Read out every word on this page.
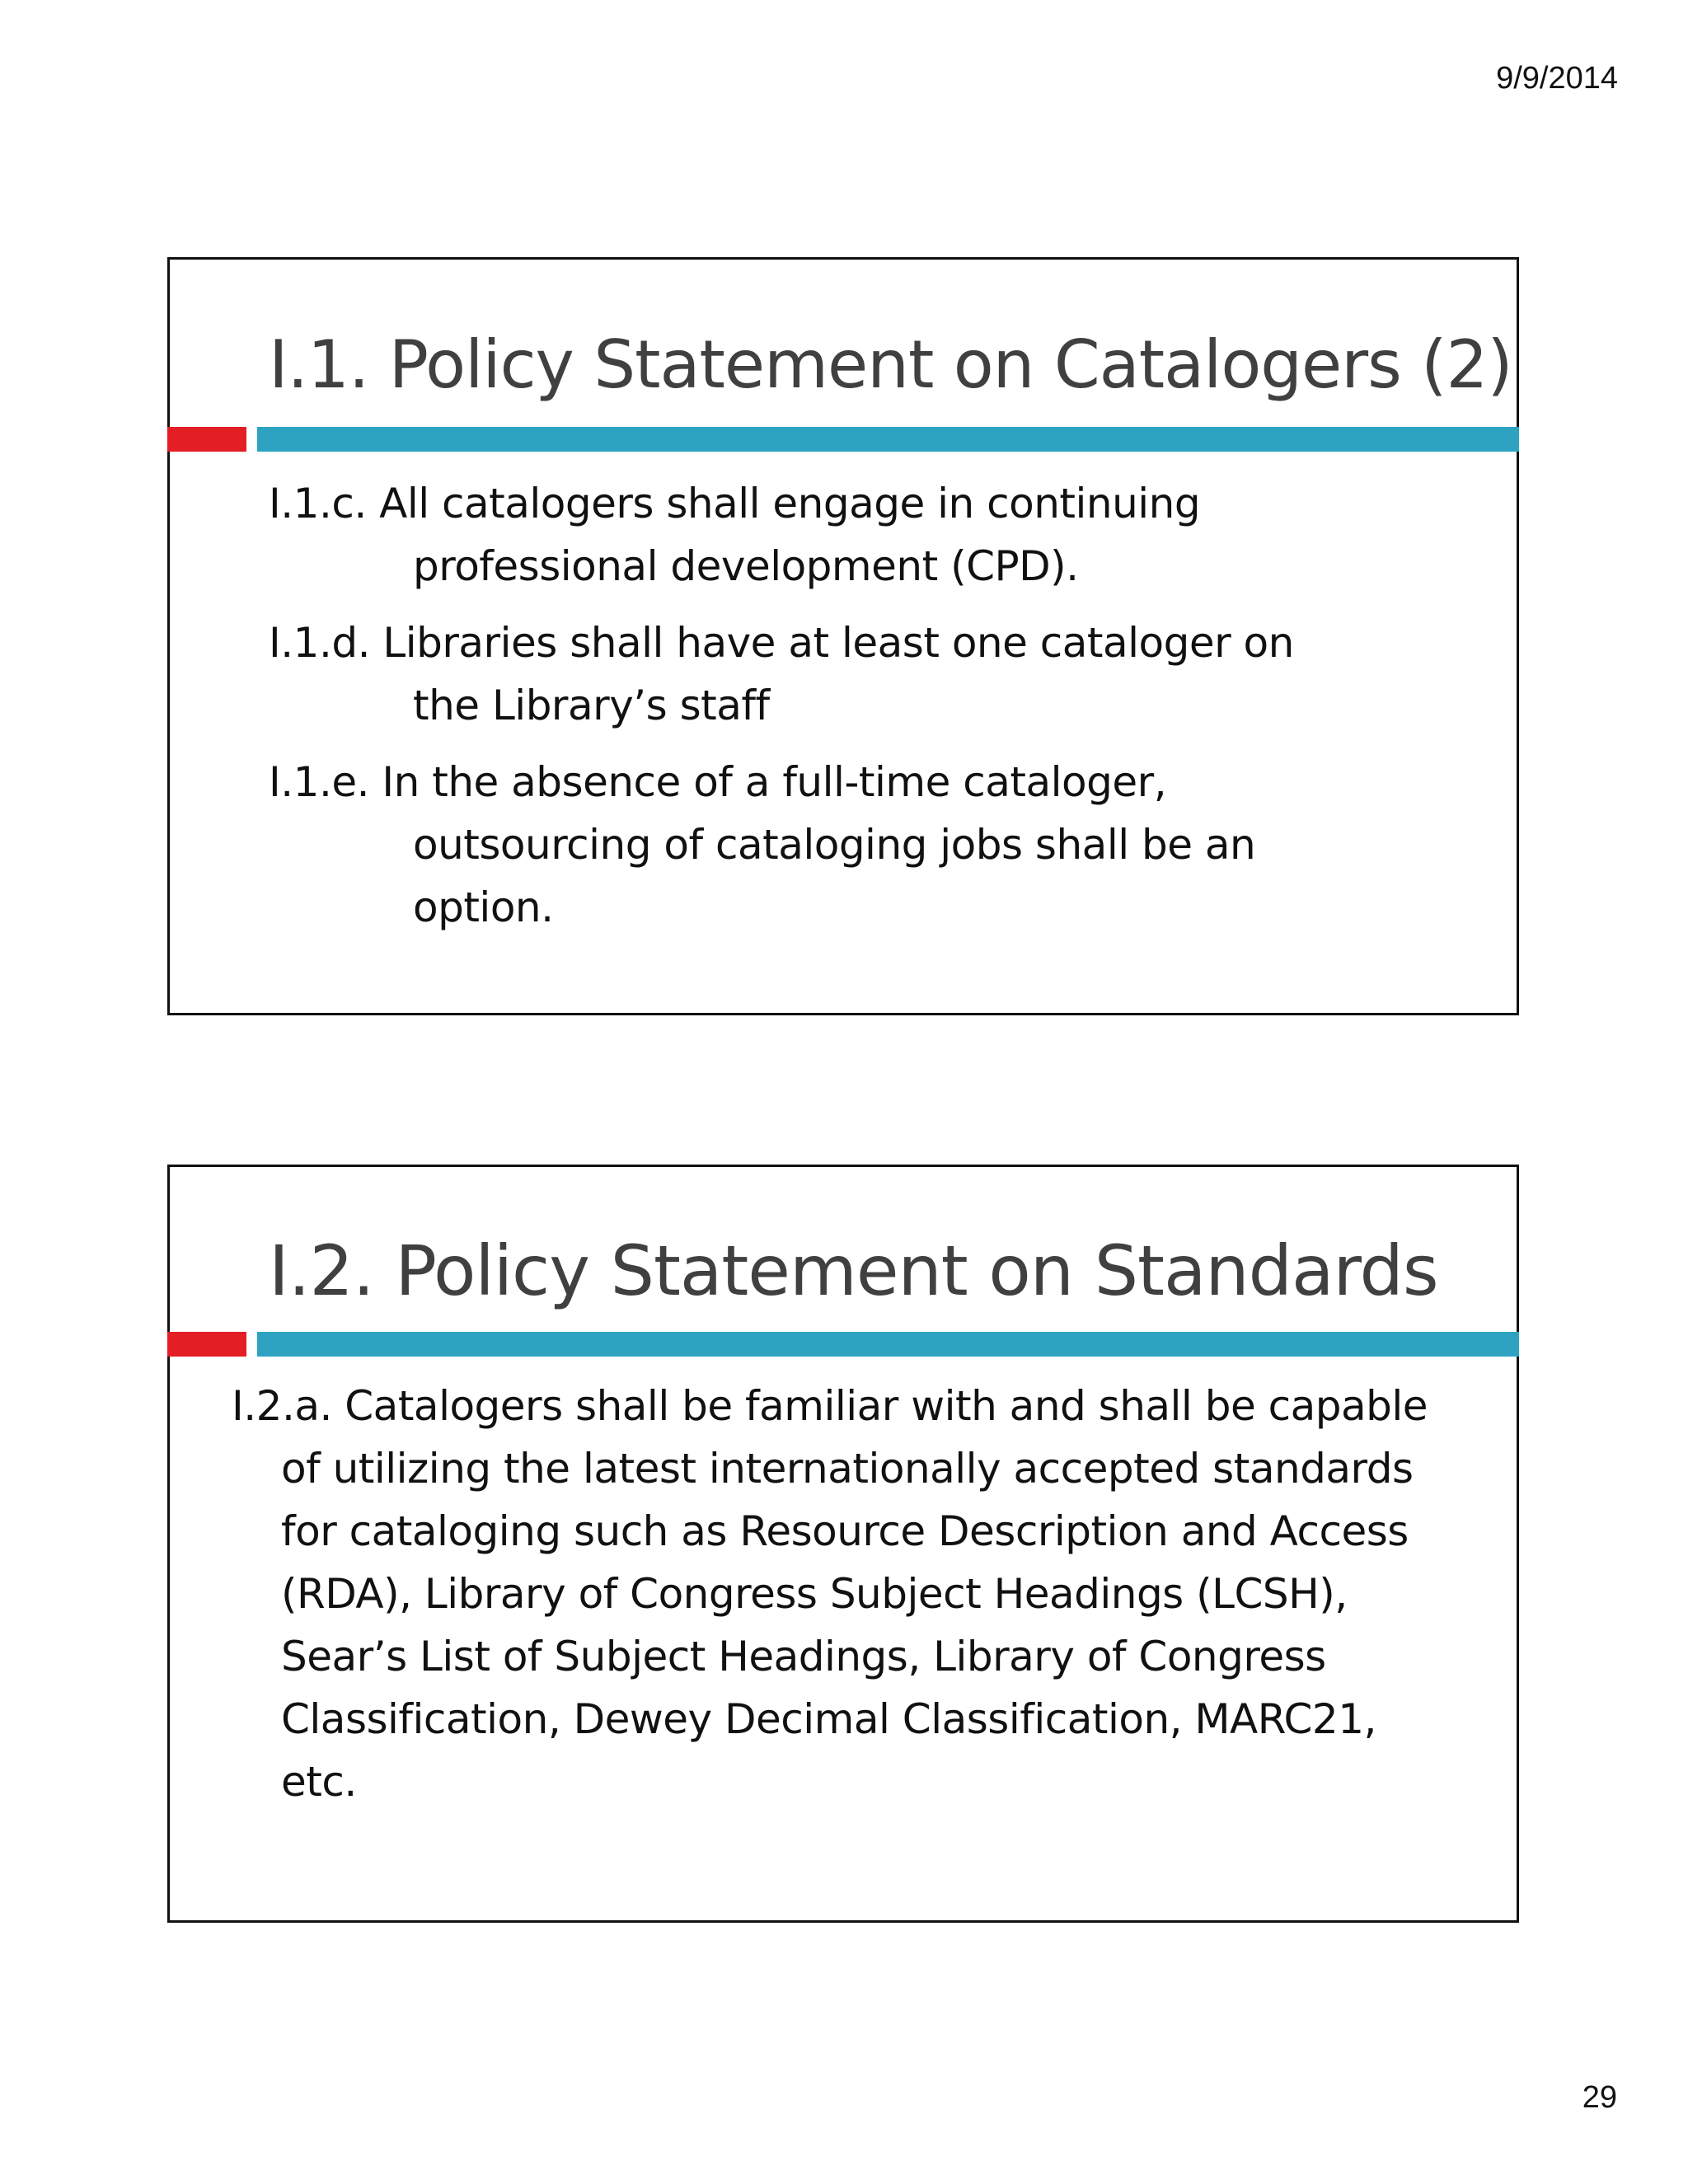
9/9/2014
I.1. Policy Statement on Catalogers (2)
I.1.c. All catalogers shall engage in continuing
professional development (CPD).
I.1.d. Libraries shall have at least one cataloger on
the Library’s staff
I.1.e. In the absence of a full-time cataloger,
outsourcing of cataloging jobs shall be an
option.
I.2. Policy Statement on Standards
I.2.a. Catalogers shall be familiar with and shall be capable
of utilizing the latest internationally accepted standards
for cataloging such as Resource Description and Access
(RDA), Library of Congress Subject Headings (LCSH),
Sear’s List of Subject Headings, Library of Congress
Classification, Dewey Decimal Classification, MARC21,
etc.
29
